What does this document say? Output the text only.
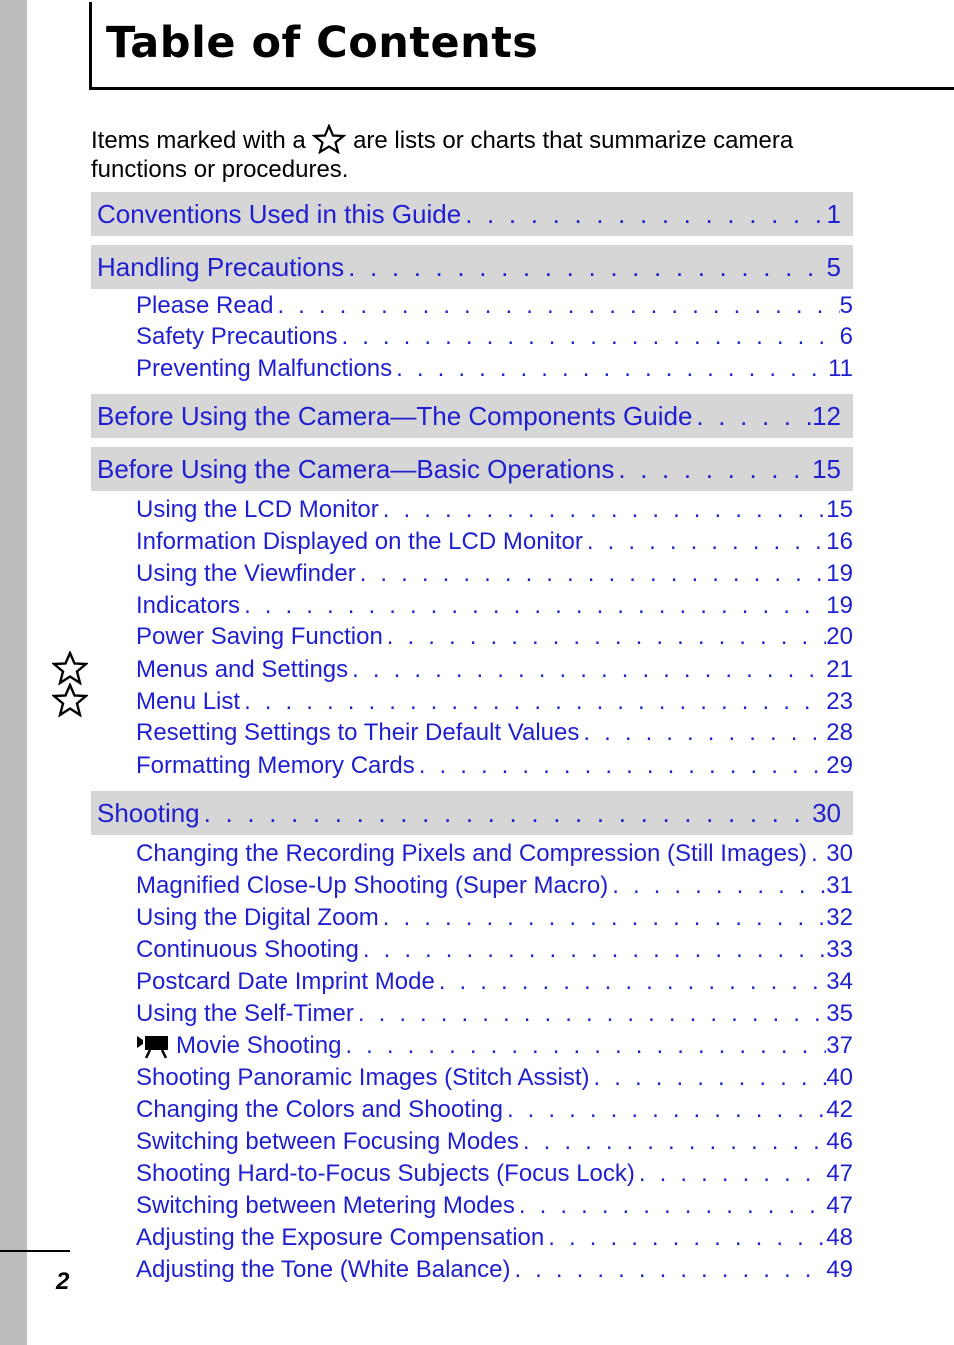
Table of Contents
Items marked with a are lists or charts that summarize camera functions or procedures.
Conventions Used in this Guide . . .	1
Handling Precautions . . .	5
Please Read . . .	5
Safety Precautions . . .	6
Preventing Malfunctions . . .	11
Before Using the Camera—The Components Guide . . .	12
Before Using the Camera—Basic Operations . . .	15
Using the LCD Monitor . . .	15
Information Displayed on the LCD Monitor . . .	16
Using the Viewfinder . . .	19
Indicators . . .	19
Power Saving Function . . .	20
Menus and Settings . . .	21
Menu List . . .	23
Resetting Settings to Their Default Values . . .	28
Formatting Memory Cards . . .	29
Shooting . . .	30
Changing the Recording Pixels and Compression (Still Images) . . . 30
Magnified Close-Up Shooting (Super Macro) . . .	31
Using the Digital Zoom . . .	32
Continuous Shooting . . .	33
Postcard Date Imprint Mode . . .	34
Using the Self-Timer . . .	35
Movie Shooting . . .	37
Shooting Panoramic Images (Stitch Assist) . . .	40
Changing the Colors and Shooting . . .	42
Switching between Focusing Modes . . .	46
Shooting Hard-to-Focus Subjects (Focus Lock) . . .	47
Switching between Metering Modes . . .	47
Adjusting the Exposure Compensation . . .	48
Adjusting the Tone (White Balance) . . .	49
2
